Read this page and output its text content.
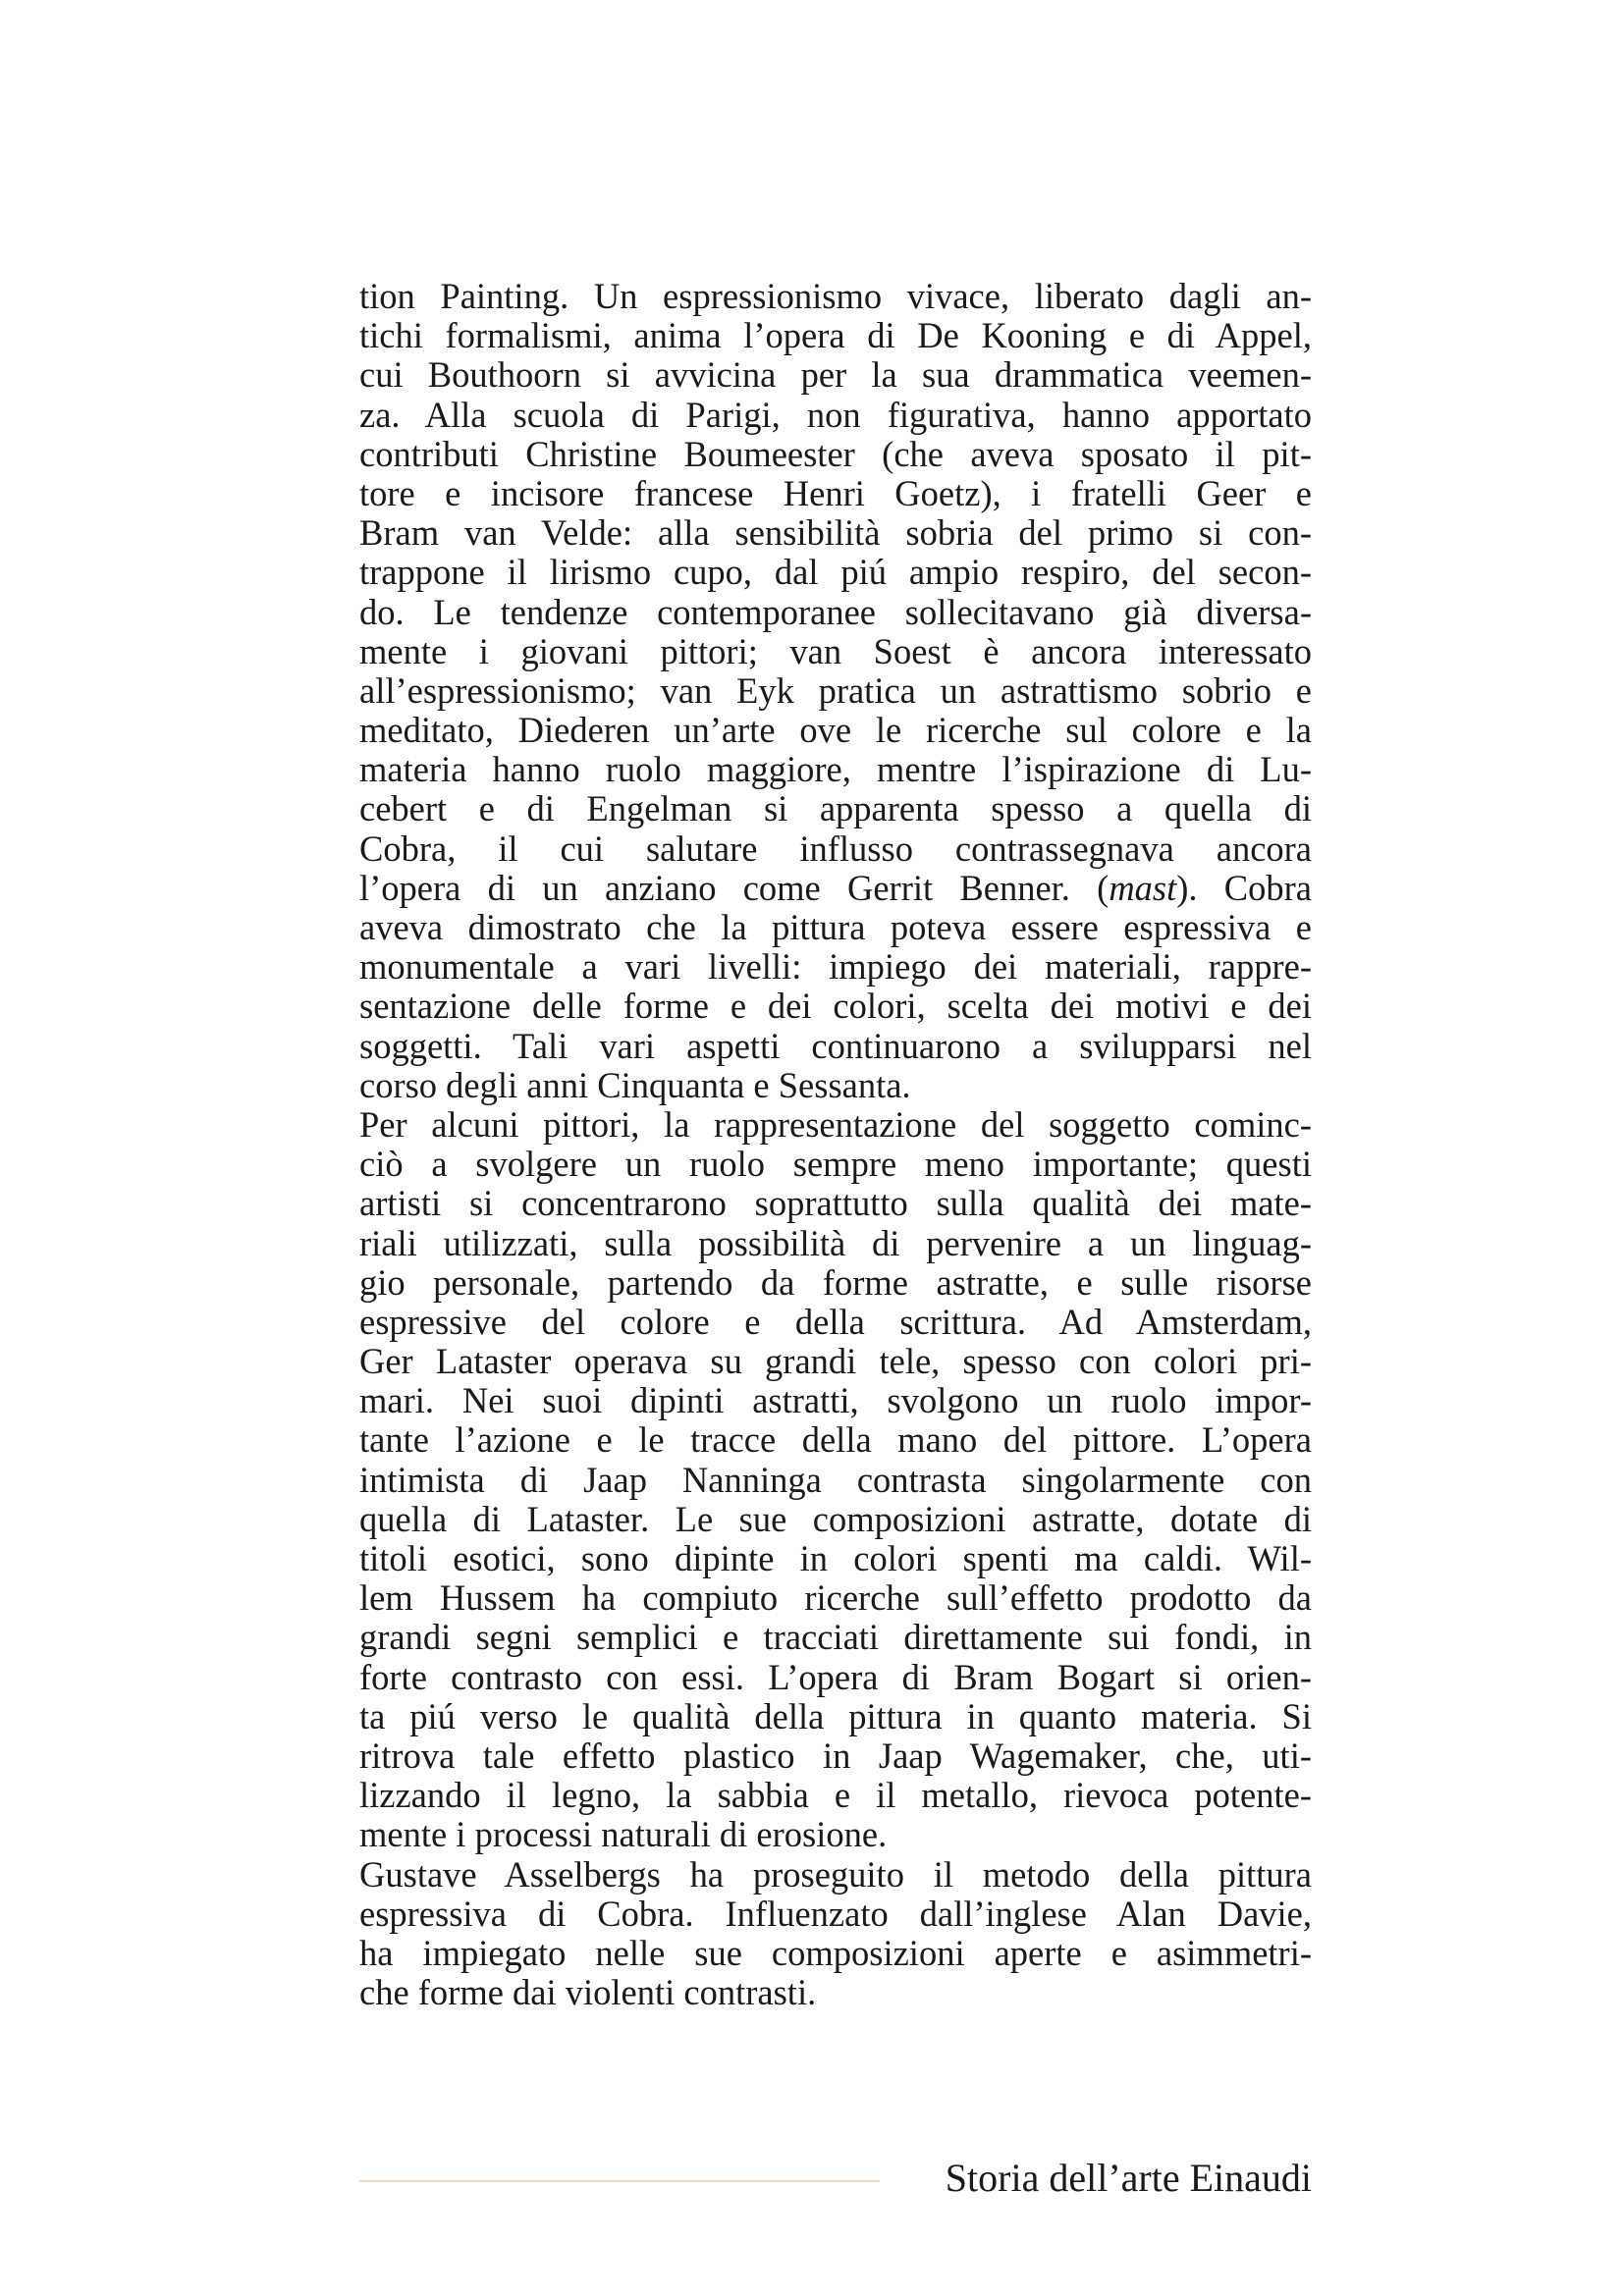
tion Painting. Un espressionismo vivace, liberato dagli an-
tichi formalismi, anima l’opera di De Kooning e di Appel,
cui Bouthoorn si avvicina per la sua drammatica veemen-
za. Alla scuola di Parigi, non figurativa, hanno apportato
contributi Christine Boumeester (che aveva sposato il pit-
tore e incisore francese Henri Goetz), i fratelli Geer e
Bram van Velde: alla sensibilità sobria del primo si con-
trappone il lirismo cupo, dal piú ampio respiro, del secon-
do. Le tendenze contemporanee sollecitavano già diversa-
mente i giovani pittori; van Soest è ancora interessato
all’espressionismo; van Eyk pratica un astrattismo sobrio e
meditato, Diederen un’arte ove le ricerche sul colore e la
materia hanno ruolo maggiore, mentre l’ispirazione di Lu-
cebert e di Engelman si apparenta spesso a quella di
Cobra, il cui salutare influsso contrassegnava ancora
l’opera di un anziano come Gerrit Benner. (mast). Cobra
aveva dimostrato che la pittura poteva essere espressiva e
monumentale a vari livelli: impiego dei materiali, rappre-
sentazione delle forme e dei colori, scelta dei motivi e dei
soggetti. Tali vari aspetti continuarono a svilupparsi nel
corso degli anni Cinquanta e Sessanta.
Per alcuni pittori, la rappresentazione del soggetto cominc-
ciò a svolgere un ruolo sempre meno importante; questi
artisti si concentrarono soprattutto sulla qualità dei mate-
riali utilizzati, sulla possibilità di pervenire a un linguag-
gio personale, partendo da forme astratte, e sulle risorse
espressive del colore e della scrittura. Ad Amsterdam,
Ger Lataster operava su grandi tele, spesso con colori pri-
mari. Nei suoi dipinti astratti, svolgono un ruolo impor-
tante l’azione e le tracce della mano del pittore. L’opera
intimista di Jaap Nanninga contrasta singolarmente con
quella di Lataster. Le sue composizioni astratte, dotate di
titoli esotici, sono dipinte in colori spenti ma caldi. Wil-
lem Hussem ha compiuto ricerche sull’effetto prodotto da
grandi segni semplici e tracciati direttamente sui fondi, in
forte contrasto con essi. L’opera di Bram Bogart si orien-
ta piú verso le qualità della pittura in quanto materia. Si
ritrova tale effetto plastico in Jaap Wagemaker, che, uti-
lizzando il legno, la sabbia e il metallo, rievoca potente-
mente i processi naturali di erosione.
Gustave Asselbergs ha proseguito il metodo della pittura
espressiva di Cobra. Influenzato dall’inglese Alan Davie,
ha impiegato nelle sue composizioni aperte e asimmetri-
che forme dai violenti contrasti.
Storia dell’arte Einaudi
